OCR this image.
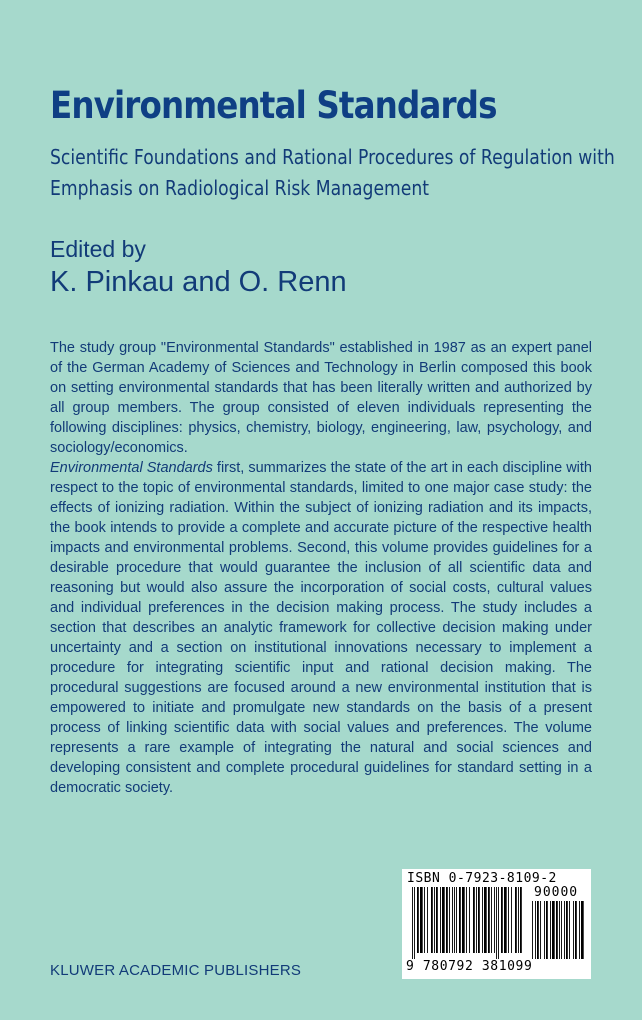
Environmental Standards
Scientific Foundations and Rational Procedures of Regulation with
Emphasis on Radiological Risk Management
Edited by
K. Pinkau and O. Renn

The study group "Environmental Standards" established in 1987 as an expert panel of the German Academy of Sciences and Technology in Berlin composed this book on setting environmental standards that has been literally written and authorized by all group members. The group consisted of eleven individuals representing the following disciplines: physics, chemistry, biology, engineering, law, psychology, and sociology/economics.

Environmental Standards first, summarizes the state of the art in each discipline with respect to the topic of environmental standards, limited to one major case study: the effects of ionizing radiation. Within the subject of ionizing radiation and its impacts, the book intends to provide a complete and accurate picture of the respective health impacts and environmental problems. Second, this volume provides guidelines for a desirable procedure that would guarantee the inclusion of all scientific data and reasoning but would also assure the incorporation of social costs, cultural values and individual preferences in the decision making process. The study includes a section that describes an analytic framework for collective decision making under uncertainty and a section on institutional innovations necessary to implement a procedure for integrating scientific input and rational decision making. The procedural suggestions are focused around a new environmental institution that is empowered to initiate and promulgate new standards on the basis of a present process of linking scientific data with social values and preferences. The volume represents a rare example of integrating the natural and social sciences and developing consistent and complete procedural guidelines for standard setting in a democratic society.

ISBN 0-7923-8109-2
90000
9 780792 381099
KLUWER ACADEMIC PUBLISHERS
